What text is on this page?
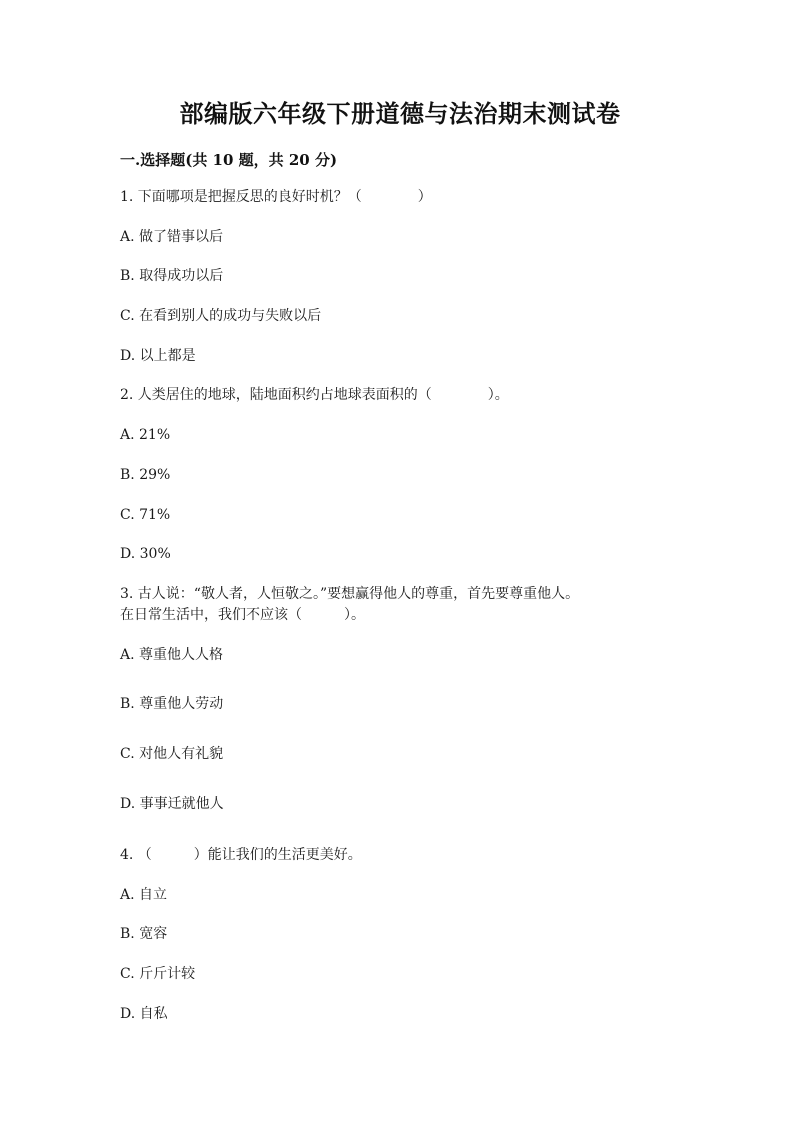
部编版六年级下册道德与法治期末测试卷
一.选择题(共 10 题，共 20 分)
1. 下面哪项是把握反思的良好时机？（　　　　）
A. 做了错事以后
B. 取得成功以后
C. 在看到别人的成功与失败以后
D. 以上都是
2. 人类居住的地球，陆地面积约占地球表面积的（　　　　）。
A. 21%
B. 29%
C. 71%
D. 30%
3. 古人说：“敬人者，人恒敬之。”要想赢得他人的尊重，首先要尊重他人。
在日常生活中，我们不应该（　　　）。
A. 尊重他人人格
B. 尊重他人劳动
C. 对他人有礼貌
D. 事事迁就他人
4. （　　　）能让我们的生活更美好。
A. 自立
B. 宽容
C. 斤斤计较
D. 自私
